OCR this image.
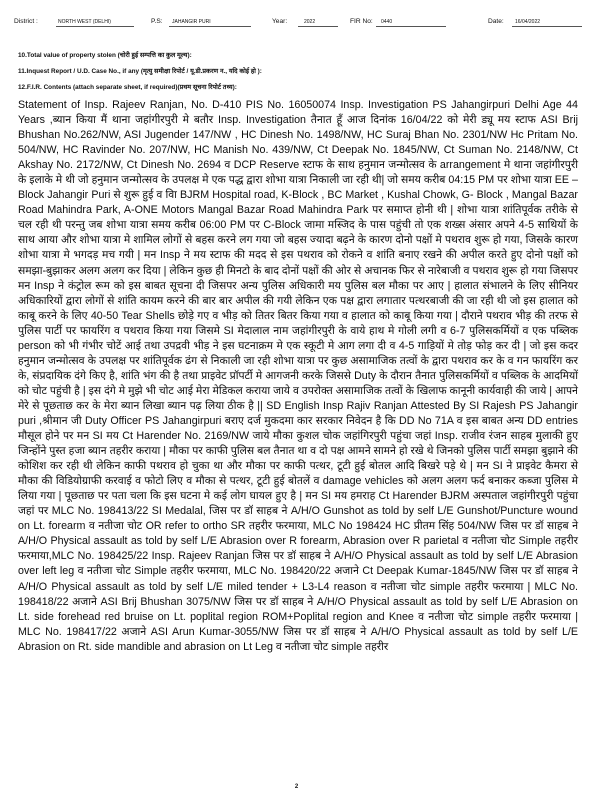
District :	NORTH WEST (DELHI)	P.S: JAHANGIR PURI	Year:	2022	FIR No: 0440	Date: 16/04/2022
10.Total value of property stolen (चोरी हुई सम्पत्ति का कुल मूल्य):
11.Inquest Report / U.D. Case No., if any (मृत्यु समीक्षा रिपोर्ट / यू.डी.प्रकरण न., यदि कोई हो ):
12.F.I.R. Contents (attach separate sheet, if required)(प्रथम सूचना रिपोर्ट तथ्य):

Statement of Insp. Rajeev Ranjan, No. D-410 PIS No. 16050074 Insp. Investigation PS Jahangirpuri Delhi Age 44 Years ,ब्यान किया मैं थाना जहांगीरपुरी मे बतौर Insp. Investigation तैनात हूँ आज दिनांक 16/04/22 को मेरी ड्यू मय स्टाफ ASI Brij Bhushan No.262/NW, ASI Jugender 147/NW , HC Dinesh No. 1498/NW, HC Suraj Bhan No. 2301/NW Hc Pritam No. 504/NW, HC Ravinder No. 207/NW, HC Manish No. 439/NW, Ct Deepak No. 1845/NW, Ct Suman No. 2148/NW, Ct Akshay No. 2172/NW, Ct Dinesh No. 2694 व DCP Reserve स्टाफ के साथ हनुमान जन्मोत्सव के arrangement मे थाना जहांगीरपुरी के इलाके मे थी जो हनुमान जन्मोत्सव के उपलक्ष मे एक पद्ध द्वारा शोभा यात्रा निकाली जा रही थी| जो समय करीब 04:15 PM पर शोभा यात्रा EE – Block Jahangir Puri से शुरू हुई व विा BJRM Hospital road, K-Block , BC Market , Kushal Chowk, G- Block , Mangal Bazar Road Mahindra Park, A-ONE Motors Mangal Bazar Road Mahindra Park पर समाप्त होनी थी | शोभा यात्रा शांतिपूर्वक तरीके से चल रही थी परन्तु जब शोभा यात्रा समय करीब 06:00 PM पर C-Block जामा मस्जिद के पास पहुंची तो एक शख्स अंसार अपने 4-5 साथियों के साथ आया और शोभा यात्रा मे शामिल लोगों से बहस करने लग गया जो बहस ज्यादा बढ़ने के कारण दोनो पक्षों मे पथराव शुरू हो गया, जिसके कारण शोभा यात्रा मे भगदड़ मच गयी | मन Insp ने मय स्टाफ की मदद से इस पथराव को रोकने व शांति बनाए रखने की अपील करते हुए दोनो पक्षों को समझा-बुझाकर अलग अलग कर दिया | लेकिन कुछ ही मिनटो के बाद दोनों पक्षों की ओर से अचानक फिर से नारेबाजी व पथराव शुरू हो गया जिसपर मन Insp ने कंट्रोल रूम को इस बाबत सूचना दी जिसपर अन्य पुलिस अधिकारी मय पुलिस बल मौका पर आए | हालात संभालने के लिए सीनियर अधिकारियों द्वारा लोगों से शांति कायम करने की बार बार अपील की गयी लेकिन एक पक्ष द्वारा लगातार पत्थरबाजी की जा रही थी जो इस हालात को काबू करने के लिए 40-50 Tear Shells छोड़े गए व भीड़ को तितर बितर किया गया व हालात को काबू किया गया | दौराने पथराव भीड़ की तरफ से पुलिस पार्टी पर फायरिंग व पथराव किया गया जिसमे SI मेदालाल नाम जहांगीरपुरी के वाये हाथ मे गोली लगी व 6-7 पुलिसकर्मियों व एक पब्लिक person को भी गंभीर चोटें आई तथा उपद्रवी भीड़ ने इस घटनाक्रम मे एक स्कूटी मे आग लगा दी व 4-5 गाड़ियों मे तोड़ फोड़ कर दी | जो इस कदर हनुमान जन्मोत्सव के उपलक्ष पर शांतिपूर्वक ढंग से निकाली जा रही शोभा यात्रा पर कुछ असामाजिक तत्वों के द्वारा पथराव कर के व गन फायरिंग कर के, संप्रदायिक दंगे किए है, शांति भंग की है तथा प्राइवेट प्रॉपर्टी मे आगजनी करके जिससे Duty के दौरान तैनात पुलिसकर्मियों व पब्लिक के आदमियों को चोट पहुंची है | इस दंगे मे मुझे भी चोट आई मेरा मेडिकल कराया जाये व उपरोक्त असामाजिक तत्वों के खिलाफ कानूनी कार्यवाही की जाये | आपने मेरे से पूछताछ कर के मेरा ब्यान लिखा ब्यान पढ़ लिया ठीक है || SD English Insp Rajiv Ranjan Attested By SI Rajesh PS Jahangir puri ,श्रीमान जी Duty Officer PS Jahangirpuri बराए दर्ज मुकदमा कार सरकार निवेदन है कि DD No 71A व इस बाबत अन्य DD entries मौसूल होने पर मन SI मय Ct Harender No. 2169/NW जाये मौका कुशल चोक जहांगिरपुरी पहुंचा जहां Insp. राजीव रंजन साहब मुलाकी हुए जिन्होंने पुस्त हजा ब्यान तहरीर कराया | मौका पर काफी पुलिस बल तैनात था व दो पक्ष आमने सामने हो रखे थे जिनको पुलिस पार्टी समझा बुझाने की कोशिश कर रही थी लेकिन काफी पथराव हो चुका था और मौका पर काफी पत्थर, टूटी हुई बोतल आदि बिखरे पड़े थे | मन SI ने प्राइवेट कैमरा से मौका की विडियोग्राफी करवाई व फोटो लिए व मौका से पत्थर, टूटी हुई बोतलें व damage vehicles को अलग अलग फर्द बनाकर कब्जा पुलिस मे लिया गया | पूछताछ पर पता चला कि इस घटना मे कई लोग घायल हुए है | मन SI मय हमराह Ct Harender BJRM अस्पताल जहांगीरपुरी पहुंचा जहां पर MLC No. 198413/22 SI Medalal, जिस पर डॉ साहब ने A/H/O Gunshot as told by self L/E Gunshot/Puncture wound on Lt. forearm व नतीजा चोट OR refer to ortho SR तहरीर फरमाया, MLC No 198424 HC प्रीतम सिंह 504/NW जिस पर डॉ साहब ने A/H/O Physical assault as told by self L/E Abrasion over R forearm, Abrasion over R parietal व नतीजा चोट Simple तहरीर फरमाया,MLC No. 198425/22 Insp. Rajeev Ranjan जिस पर डॉ साहब ने A/H/O Physical assault as told by self L/E Abrasion over left leg व नतीजा चोट Simple तहरीर फरमाया, MLC No. 198420/22 अजाने Ct Deepak Kumar-1845/NW जिस पर डॉ साहब ने A/H/O Physical assault as told by self L/E miled tender + L3-L4 reason व नतीजा चोट simple तहरीर फरमाया | MLC No. 198418/22 अजाने ASI Brij Bhushan 3075/NW जिस पर डॉ साहब ने A/H/O Physical assault as told by self L/E Abrasion on Lt. side forehead red bruise on Lt. poplital region ROM+Poplital region and Knee व नतीजा चोट simple तहरीर फरमाया | MLC No. 198417/22 अजाने ASI Arun Kumar-3055/NW जिस पर डॉ साहब ने A/H/O Physical assault as told by self L/E Abrasion on Rt. side mandible and abrasion on Lt Leg व नतीजा चोट simple तहरीर

2
